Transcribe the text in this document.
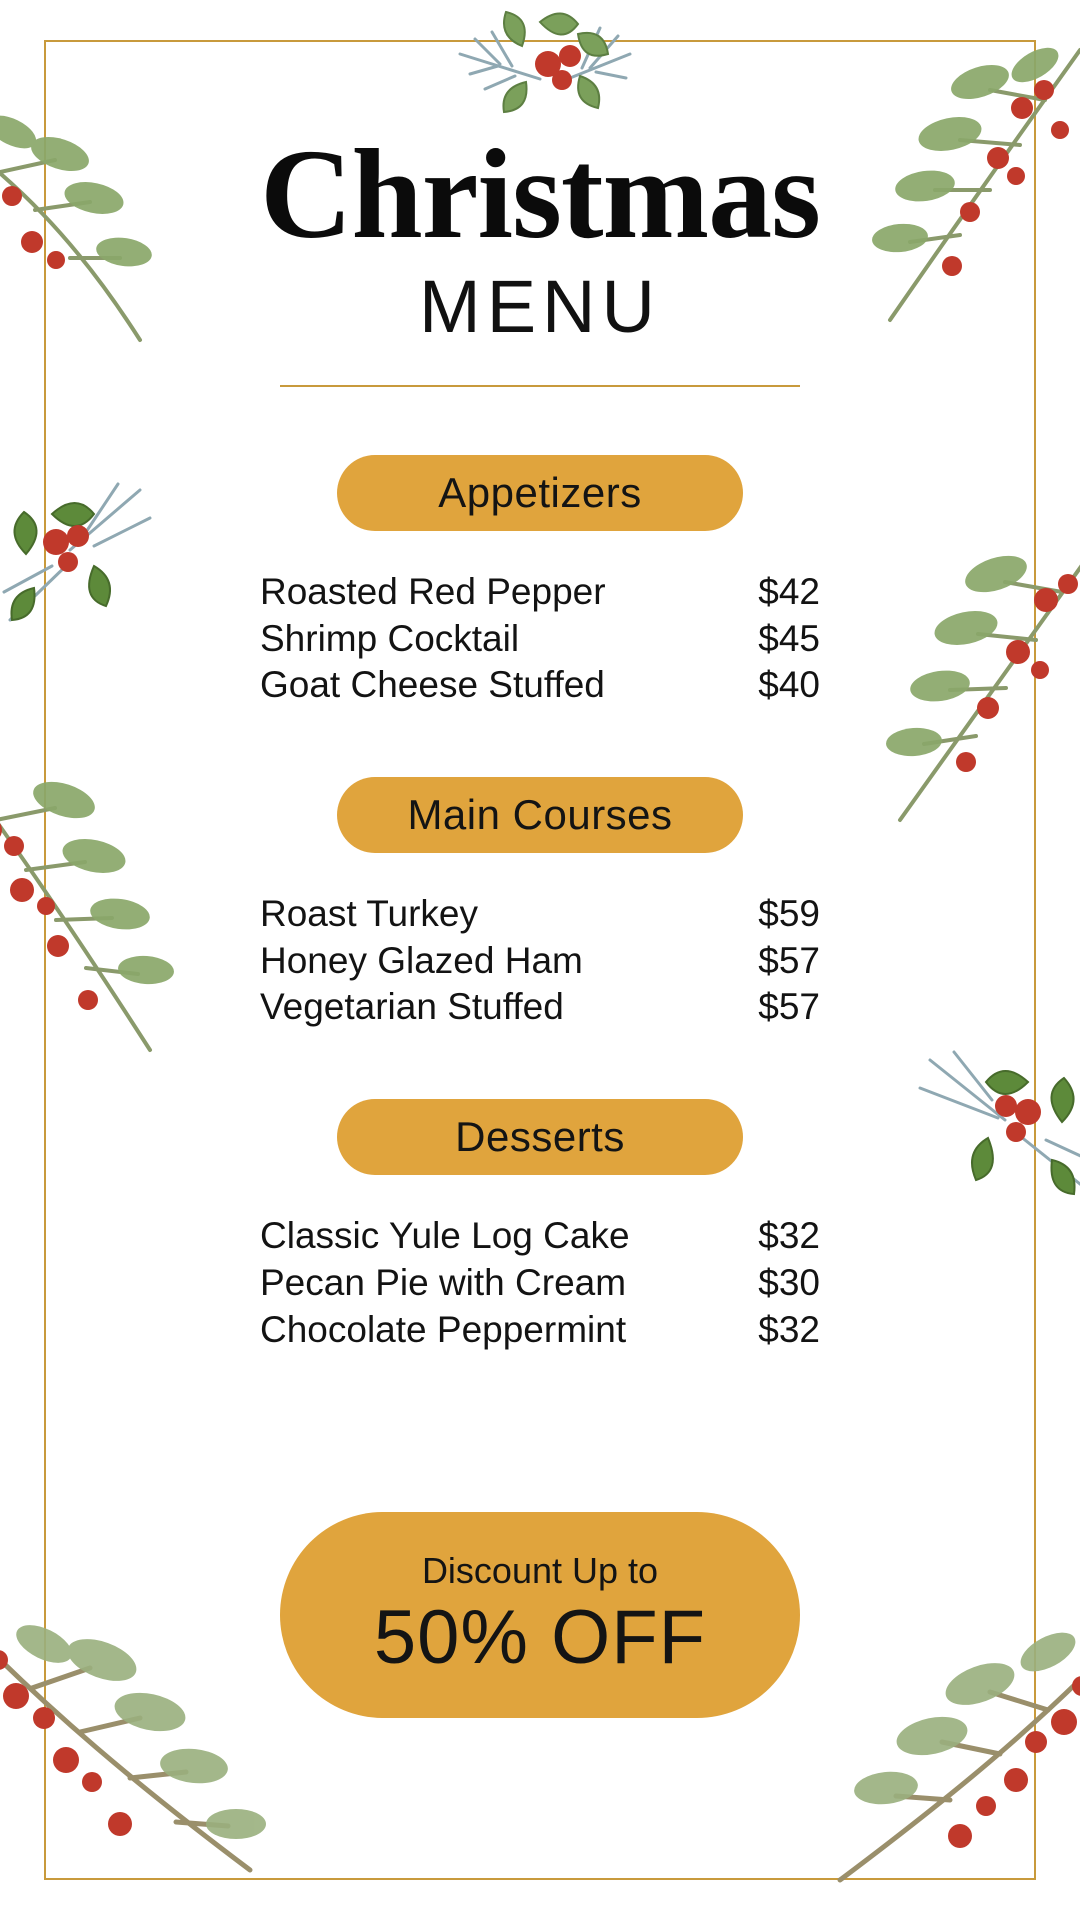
Christmas
MENU
Appetizers
Roasted Red Pepper	$42
Shrimp Cocktail	$45
Goat Cheese Stuffed	$40
Main Courses
Roast Turkey	$59
Honey Glazed Ham	$57
Vegetarian Stuffed	$57
Desserts
Classic Yule Log Cake	$32
Pecan Pie with Cream	$30
Chocolate Peppermint	$32
Discount Up to
50% OFF
